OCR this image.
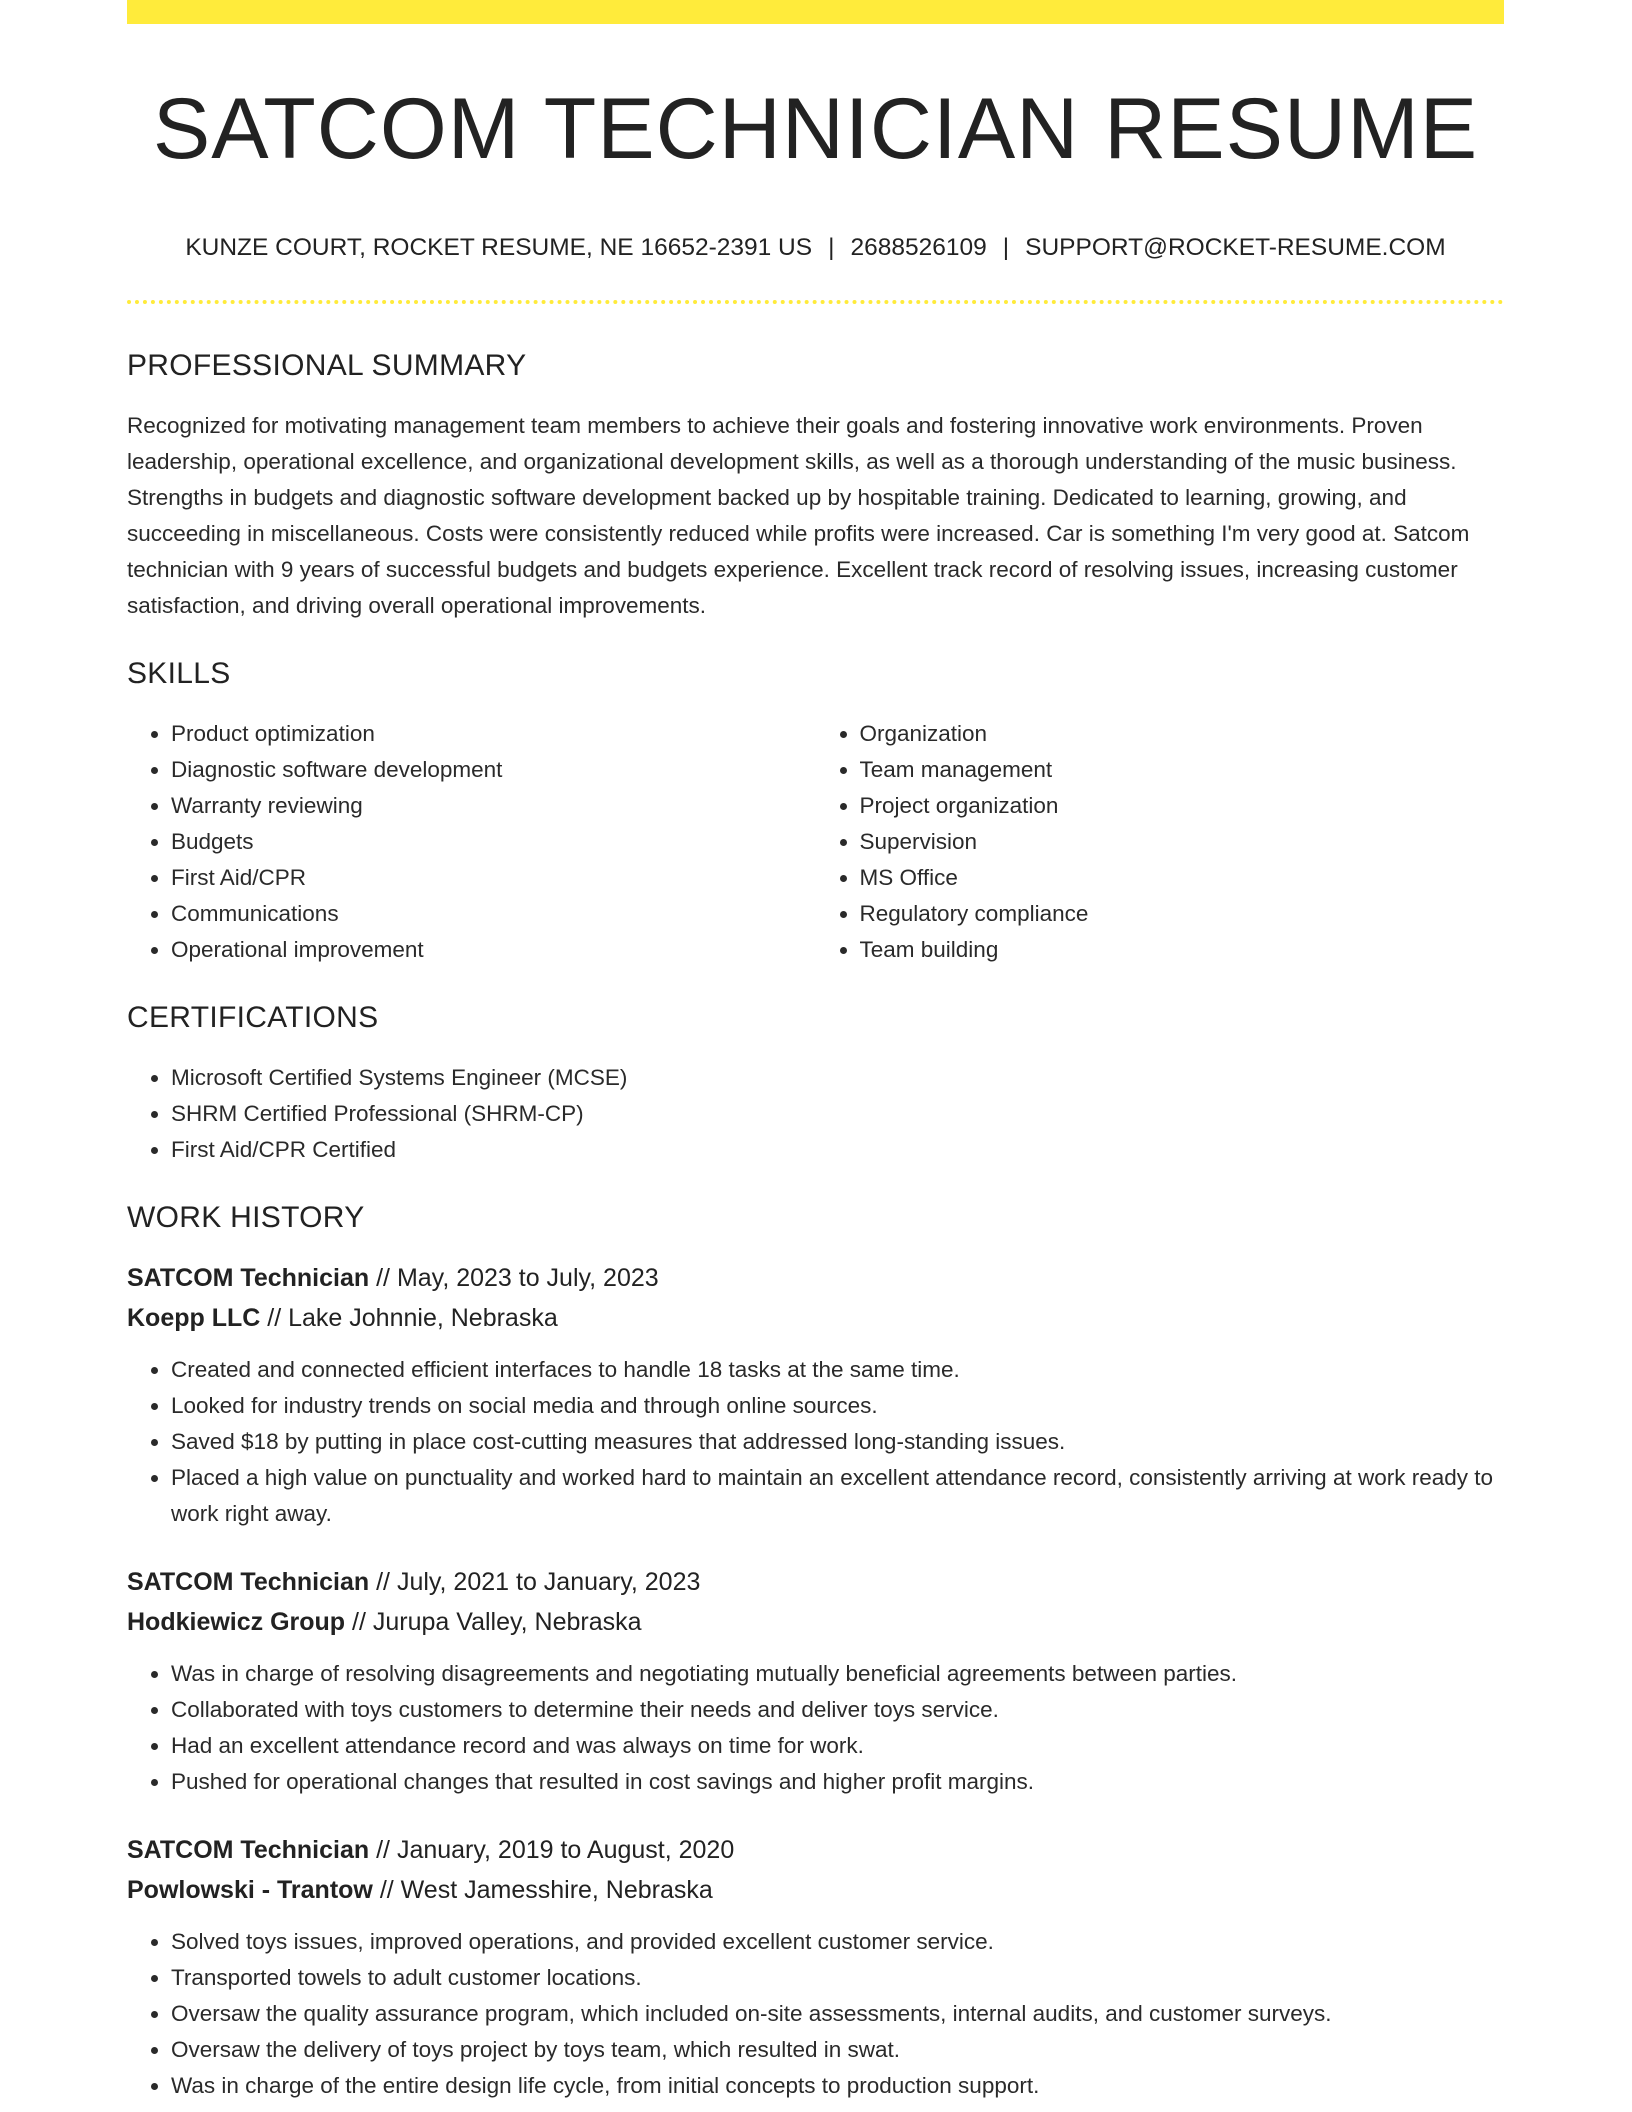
SATCOM TECHNICIAN RESUME
KUNZE COURT, ROCKET RESUME, NE 16652-2391 US | 2688526109 | SUPPORT@ROCKET-RESUME.COM
PROFESSIONAL SUMMARY

Recognized for motivating management team members to achieve their goals and fostering innovative work environments. Proven leadership, operational excellence, and organizational development skills, as well as a thorough understanding of the music business. Strengths in budgets and diagnostic software development backed up by hospitable training. Dedicated to learning, growing, and succeeding in miscellaneous. Costs were consistently reduced while profits were increased. Car is something I'm very good at. Satcom technician with 9 years of successful budgets and budgets experience. Excellent track record of resolving issues, increasing customer satisfaction, and driving overall operational improvements.

SKILLS
• Product optimization
• Diagnostic software development
• Warranty reviewing
• Budgets
• First Aid/CPR
• Communications
• Operational improvement
• Organization
• Team management
• Project organization
• Supervision
• MS Office
• Regulatory compliance
• Team building
CERTIFICATIONS
• Microsoft Certified Systems Engineer (MCSE)
• SHRM Certified Professional (SHRM-CP)
• First Aid/CPR Certified
WORK HISTORY
SATCOM Technician // May, 2023 to July, 2023
Koepp LLC // Lake Johnnie, Nebraska
• Created and connected efficient interfaces to handle 18 tasks at the same time.
• Looked for industry trends on social media and through online sources.
• Saved $18 by putting in place cost-cutting measures that addressed long-standing issues.
• Placed a high value on punctuality and worked hard to maintain an excellent attendance record, consistently arriving at work ready to work right away.
SATCOM Technician // July, 2021 to January, 2023
Hodkiewicz Group // Jurupa Valley, Nebraska
• Was in charge of resolving disagreements and negotiating mutually beneficial agreements between parties.
• Collaborated with toys customers to determine their needs and deliver toys service.
• Had an excellent attendance record and was always on time for work.
• Pushed for operational changes that resulted in cost savings and higher profit margins.
SATCOM Technician // January, 2019 to August, 2020
Powlowski - Trantow // West Jamesshire, Nebraska
• Solved toys issues, improved operations, and provided excellent customer service.
• Transported towels to adult customer locations.
• Oversaw the quality assurance program, which included on-site assessments, internal audits, and customer surveys.
• Oversaw the delivery of toys project by toys team, which resulted in swat.
• Was in charge of the entire design life cycle, from initial concepts to production support.
